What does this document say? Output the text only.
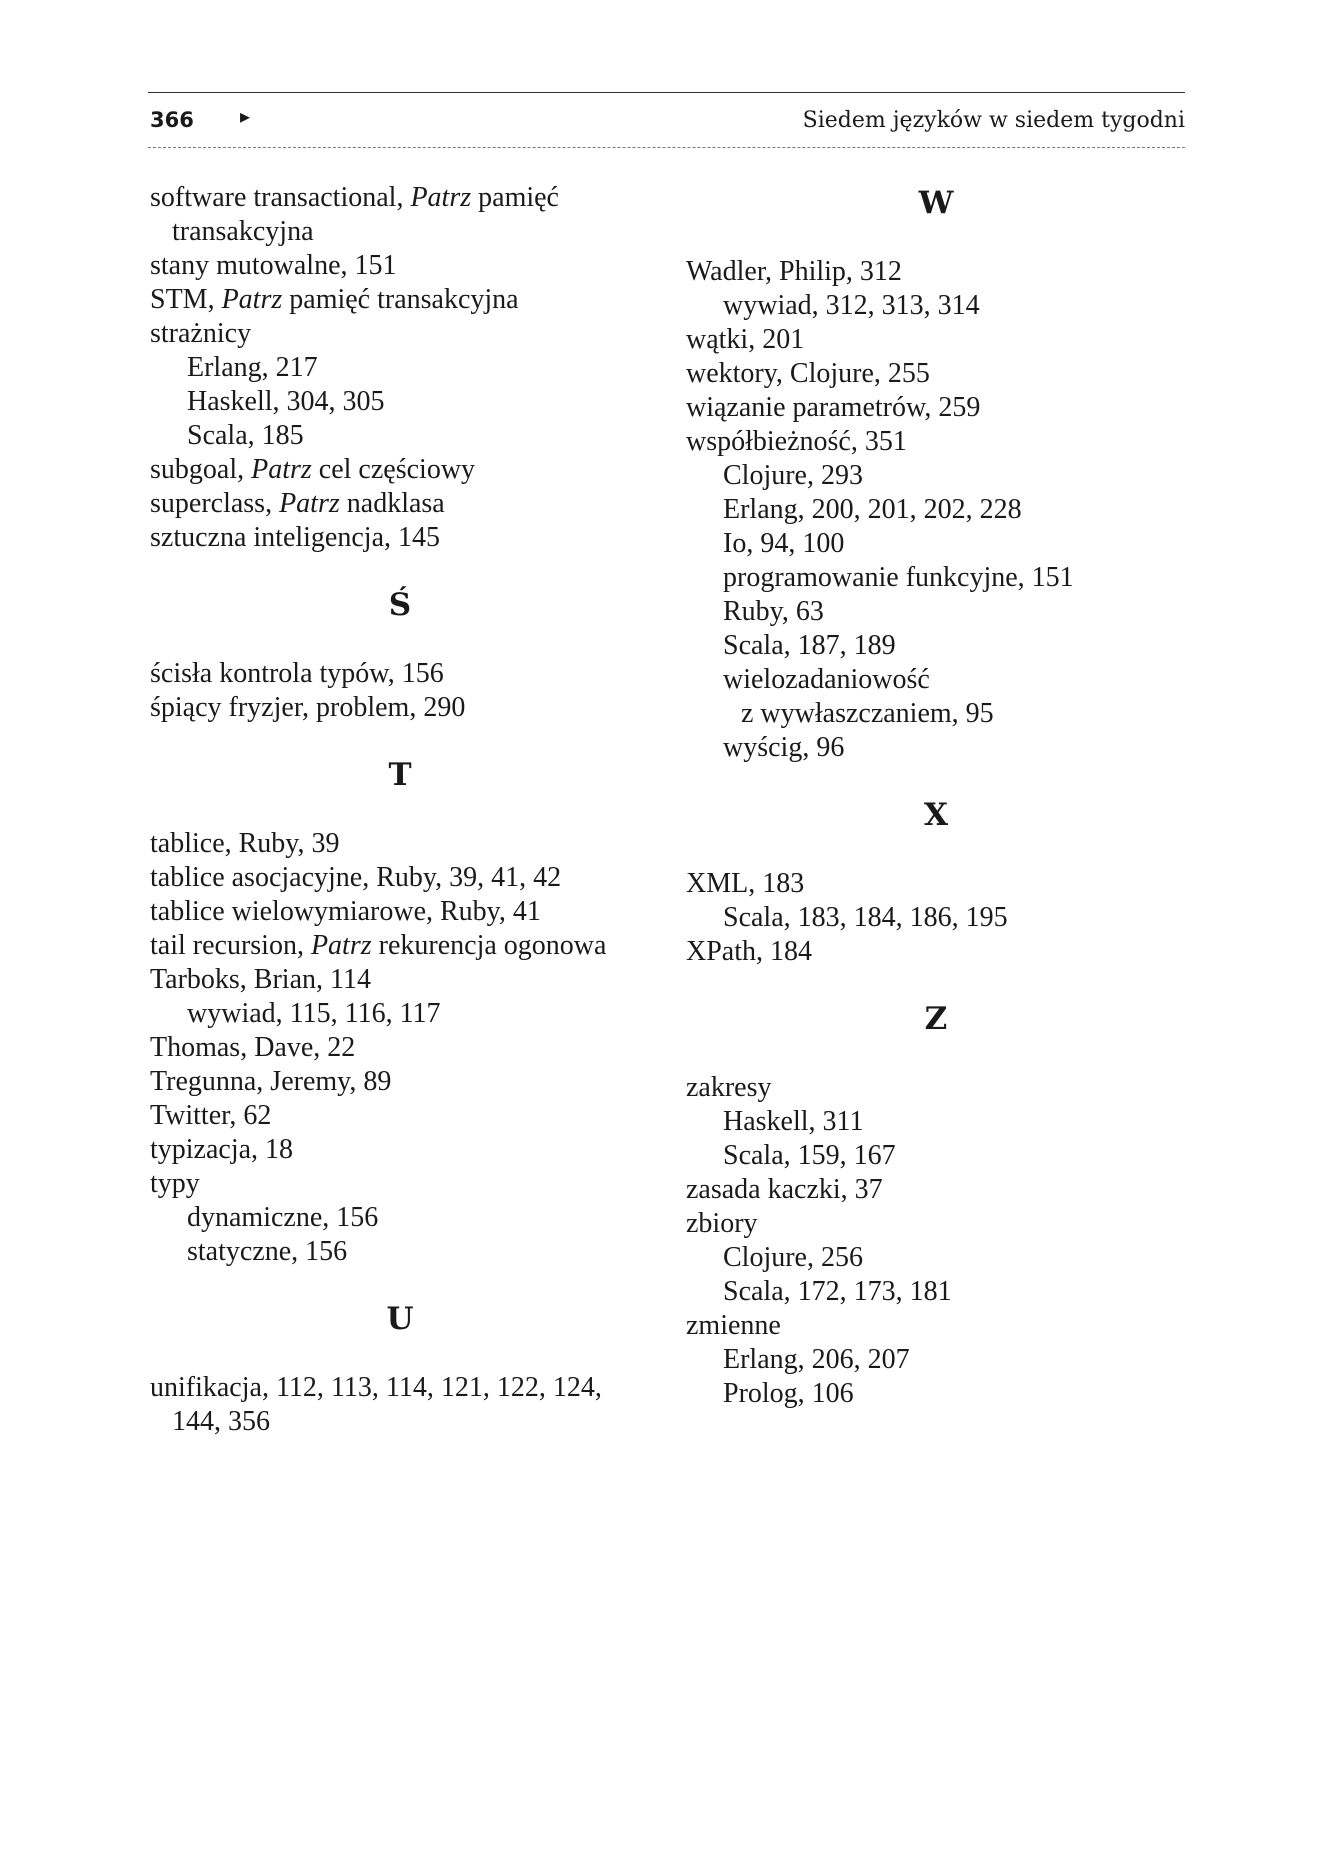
366 ▸	Siedem języków w siedem tygodni
software transactional, Patrz pamięć
transakcyjna
stany mutowalne, 151
STM, Patrz pamięć transakcyjna
strażnicy
Erlang, 217
Haskell, 304, 305
Scala, 185
subgoal, Patrz cel częściowy
superclass, Patrz nadklasa
sztuczna inteligencja, 145
Ś
ścisła kontrola typów, 156
śpiący fryzjer, problem, 290
T
tablice, Ruby, 39
tablice asocjacyjne, Ruby, 39, 41, 42
tablice wielowymiarowe, Ruby, 41
tail recursion, Patrz rekurencja ogonowa
Tarboks, Brian, 114
wywiad, 115, 116, 117
Thomas, Dave, 22
Tregunna, Jeremy, 89
Twitter, 62
typizacja, 18
typy
dynamiczne, 156
statyczne, 156
U
unifikacja, 112, 113, 114, 121, 122, 124,
144, 356
W
Wadler, Philip, 312
wywiad, 312, 313, 314
wątki, 201
wektory, Clojure, 255
wiązanie parametrów, 259
współbieżność, 351
Clojure, 293
Erlang, 200, 201, 202, 228
Io, 94, 100
programowanie funkcyjne, 151
Ruby, 63
Scala, 187, 189
wielozadaniowość
z wywłaszczaniem, 95
wyścig, 96
X
XML, 183
Scala, 183, 184, 186, 195
XPath, 184
Z
zakresy
Haskell, 311
Scala, 159, 167
zasada kaczki, 37
zbiory
Clojure, 256
Scala, 172, 173, 181
zmienne
Erlang, 206, 207
Prolog, 106
